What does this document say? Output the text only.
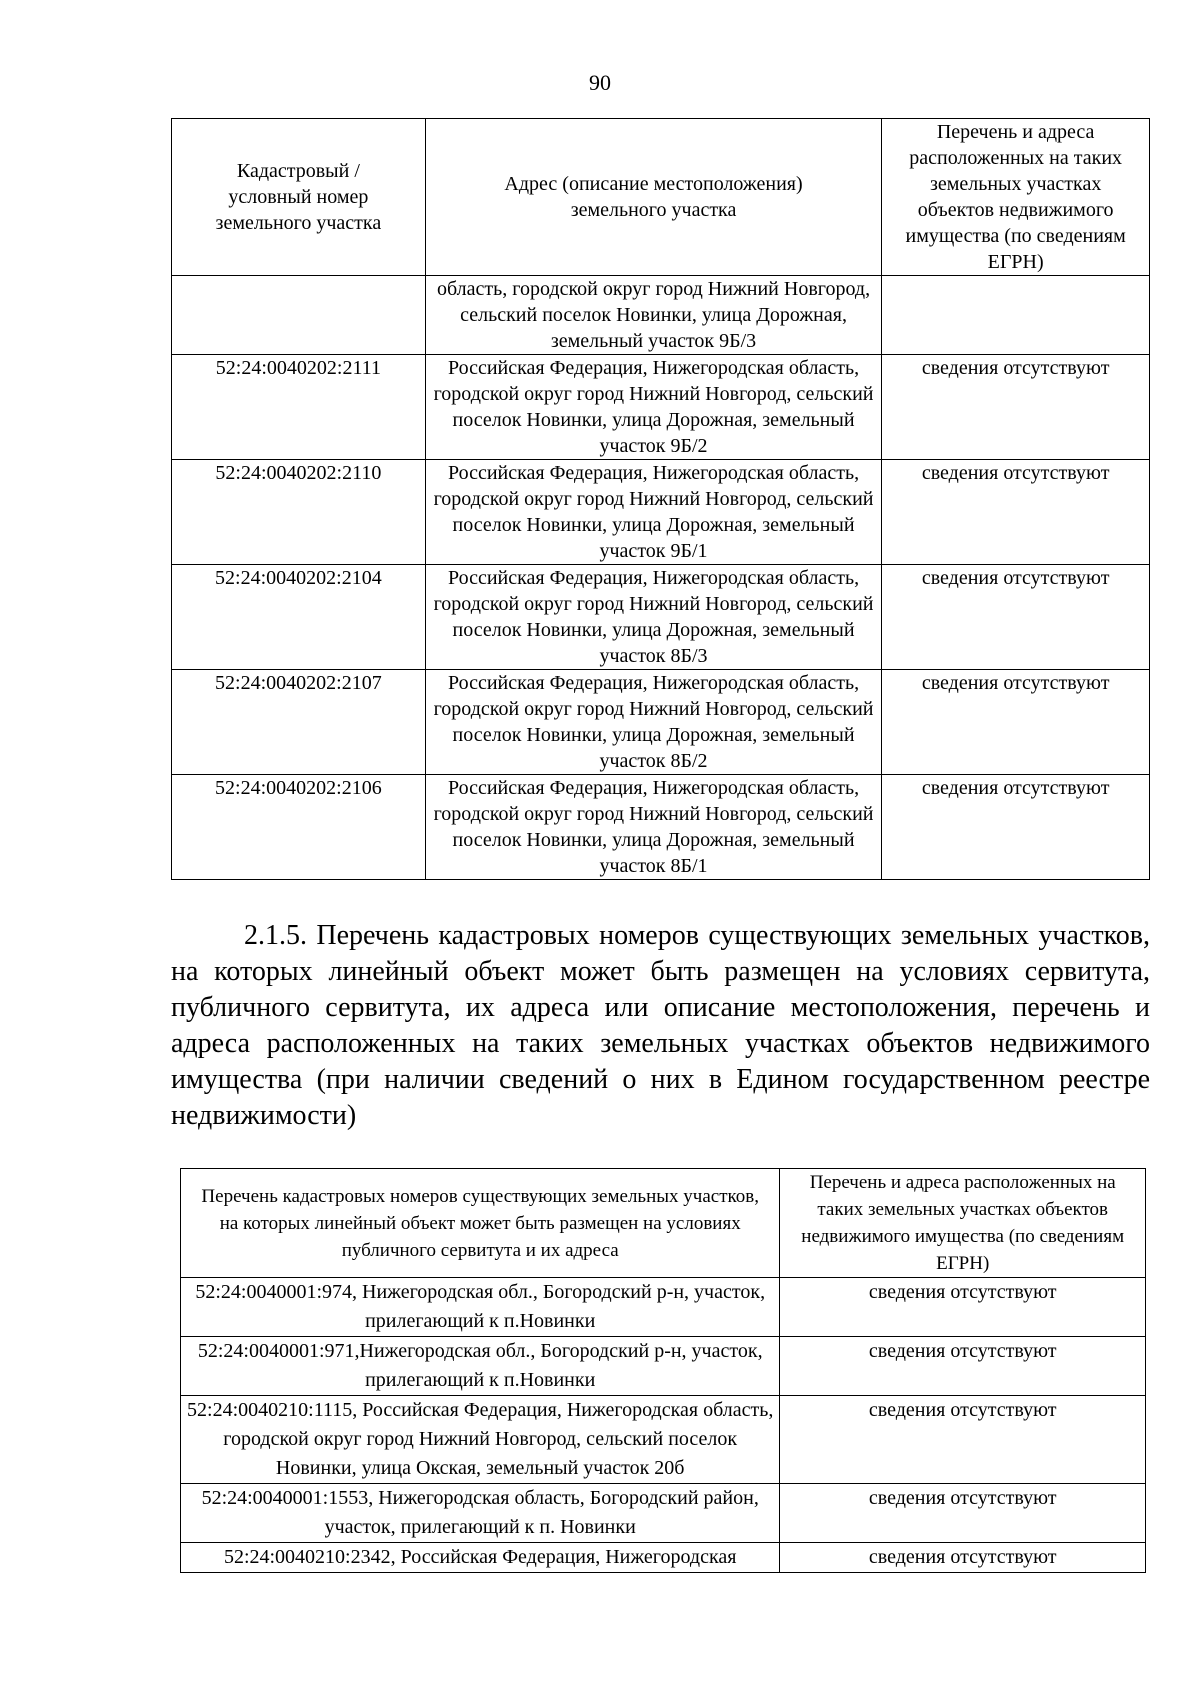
90
Кадастровый / условный номер земельного участка	Адрес (описание местоположения) земельного участка	Перечень и адреса расположенных на таких земельных участках объектов недвижимого имущества (по сведениям ЕГРН)
	область, городской округ город Нижний Новгород, сельский поселок Новинки, улица Дорожная, земельный участок 9Б/3	
52:24:0040202:2111	Российская Федерация, Нижегородская область, городской округ город Нижний Новгород, сельский поселок Новинки, улица Дорожная, земельный участок 9Б/2	сведения отсутствуют
52:24:0040202:2110	Российская Федерация, Нижегородская область, городской округ город Нижний Новгород, сельский поселок Новинки, улица Дорожная, земельный участок 9Б/1	сведения отсутствуют
52:24:0040202:2104	Российская Федерация, Нижегородская область, городской округ город Нижний Новгород, сельский поселок Новинки, улица Дорожная, земельный участок 8Б/3	сведения отсутствуют
52:24:0040202:2107	Российская Федерация, Нижегородская область, городской округ город Нижний Новгород, сельский поселок Новинки, улица Дорожная, земельный участок 8Б/2	сведения отсутствуют
52:24:0040202:2106	Российская Федерация, Нижегородская область, городской округ город Нижний Новгород, сельский поселок Новинки, улица Дорожная, земельный участок 8Б/1	сведения отсутствуют

2.1.5. Перечень кадастровых номеров существующих земельных участков, на которых линейный объект может быть размещен на условиях сервитута, публичного сервитута, их адреса или описание местоположения, перечень и адреса расположенных на таких земельных участках объектов недвижимого имущества (при наличии сведений о них в Едином государственном реестре недвижимости)

Перечень кадастровых номеров существующих земельных участков, на которых линейный объект может быть размещен на условиях публичного сервитута и их адреса	Перечень и адреса расположенных на таких земельных участках объектов недвижимого имущества (по сведениям ЕГРН)
52:24:0040001:974, Нижегородская обл., Богородский р-н, участок, прилегающий к п.Новинки	сведения отсутствуют
52:24:0040001:971,Нижегородская обл., Богородский р-н, участок, прилегающий к п.Новинки	сведения отсутствуют
52:24:0040210:1115, Российская Федерация, Нижегородская область, городской округ город Нижний Новгород, сельский поселок Новинки, улица Окская, земельный участок 20б	сведения отсутствуют
52:24:0040001:1553, Нижегородская область, Богородский район, участок, прилегающий к п. Новинки	сведения отсутствуют
52:24:0040210:2342, Российская Федерация, Нижегородская	сведения отсутствуют
